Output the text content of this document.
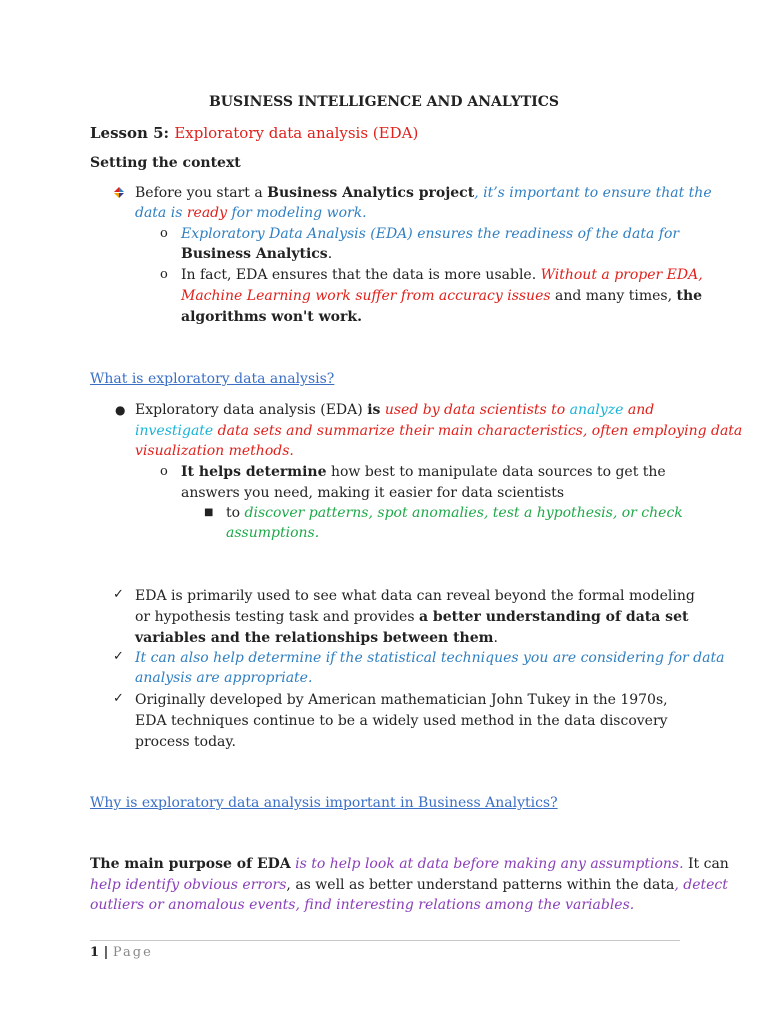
BUSINESS INTELLIGENCE AND ANALYTICS
Lesson 5: Exploratory data analysis (EDA)
Setting the context
Before you start a Business Analytics project, it’s important to ensure that the
data is ready for modeling work.
o Exploratory Data Analysis (EDA) ensures the readiness of the data for
Business Analytics.
o In fact, EDA ensures that the data is more usable. Without a proper EDA,
Machine Learning work suffer from accuracy issues and many times, the
algorithms won't work.
What is exploratory data analysis?
● Exploratory data analysis (EDA) is used by data scientists to analyze and
investigate data sets and summarize their main characteristics, often employing data
visualization methods.
o It helps determine how best to manipulate data sources to get the
answers you need, making it easier for data scientists
■ to discover patterns, spot anomalies, test a hypothesis, or check
assumptions.
✓ EDA is primarily used to see what data can reveal beyond the formal modeling
or hypothesis testing task and provides a better understanding of data set
variables and the relationships between them.
✓ It can also help determine if the statistical techniques you are considering for data
analysis are appropriate.
✓ Originally developed by American mathematician John Tukey in the 1970s,
EDA techniques continue to be a widely used method in the data discovery
process today.
Why is exploratory data analysis important in Business Analytics?
The main purpose of EDA is to help look at data before making any assumptions. It can
help identify obvious errors, as well as better understand patterns within the data, detect
outliers or anomalous events, find interesting relations among the variables.
1 | Page
